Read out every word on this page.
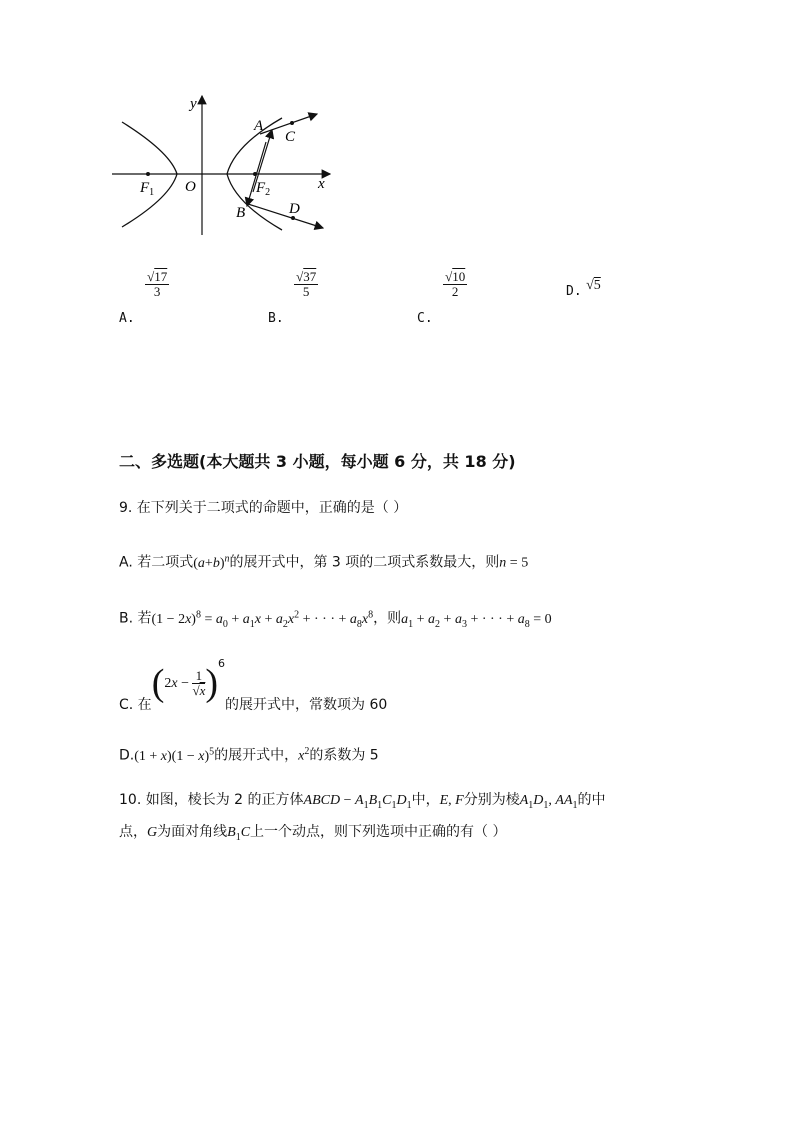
y
x
O
$F_1$	$F_2$
A
C
B	D
A.
$\frac{√17}{3}$
B.
$\frac{√37}{5}$
C.
$\frac{√10}{2}$	D. √5
二、多选题(本大题共 3 小题，每小题 6 分，共 18 分)
9. 在下列关于二项式的命题中，正确的是（ ）
A. 若二项式$(a+b)^n$的展开式中，第 3 项的二项式系数最大，则n = 5
B. 若$(1 - 2x)^8 = a_0 + a_1x + a_2x^2$ + · · · + $a_8x^8$，则$a_1 + a_2 + a_3$ + · · · + $a_8 = 0$
C. 在$(2x - \frac{1}{√x} )^6$的展开式中，常数项为 60
$D.(1 + x)(1 - x)^5$的展开式中，$x^2$的系数为 5
10. 如图，棱长为 2 的正方体ABCD − $A_1B_1C_1D_1$中，E, F分别为棱$A_1D_1$, $AA_1$的中
点，G为面对角线$B_1C$上一个动点，则下列选项中正确的有（ ）
